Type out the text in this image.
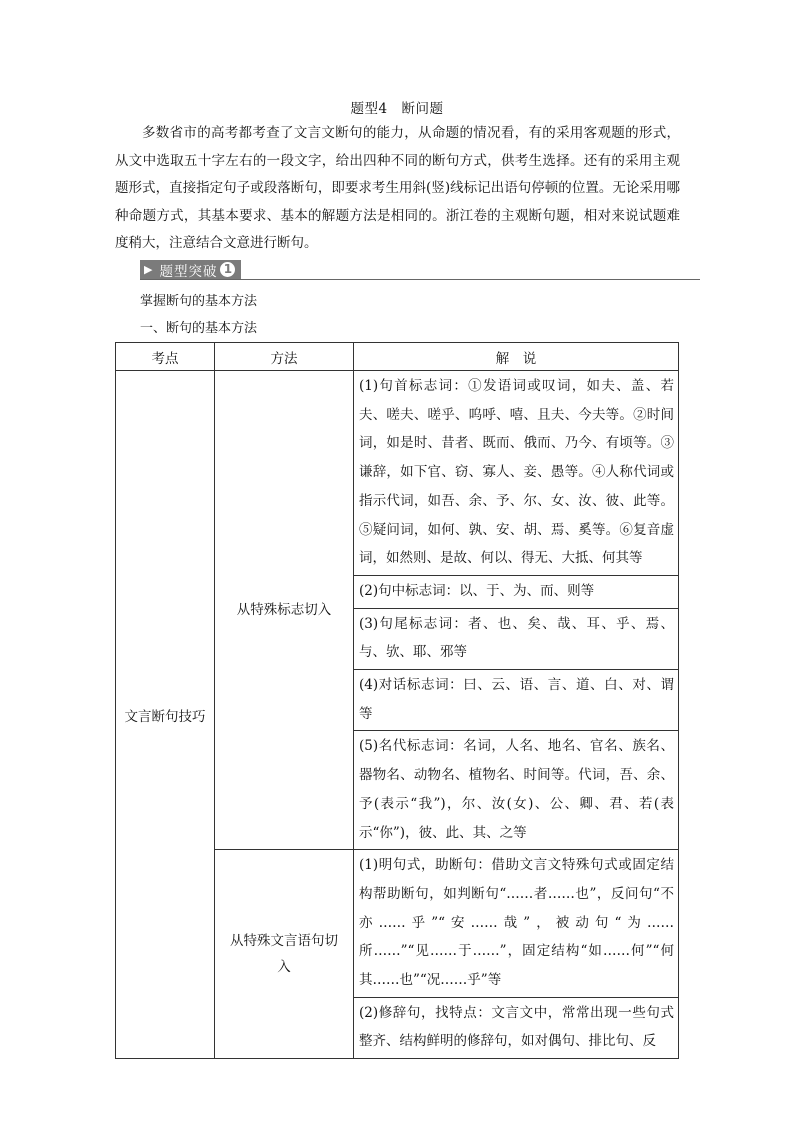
题型4　断问题

多数省市的高考都考查了文言文断句的能力，从命题的情况看，有的采用客观题的形式，从文中选取五十字左右的一段文字，给出四种不同的断句方式，供考生选择。还有的采用主观题形式，直接指定句子或段落断句，即要求考生用斜(竖)线标记出语句停顿的位置。无论采用哪种命题方式，其基本要求、基本的解题方法是相同的。浙江卷的主观断句题，相对来说试题难度稍大，注意结合文意进行断句。

▶ 题型突破 1
掌握断句的基本方法
一、断句的基本方法
考点	方法	解　说
文言断句技巧	从特殊标志切入	(1)句首标志词：①发语词或叹词，如夫、盖、若夫、嗟夫、嗟乎、呜呼、嘻、且夫、今夫等。②时间词，如是时、昔者、既而、俄而、乃今、有顷等。③谦辞，如下官、窃、寡人、妾、愚等。④人称代词或指示代词，如吾、余、予、尔、女、汝、彼、此等。⑤疑问词，如何、孰、安、胡、焉、奚等。⑥复音虚词，如然则、是故、何以、得无、大抵、何其等
		(2)句中标志词：以、于、为、而、则等
		(3)句尾标志词：者、也、矣、哉、耳、乎、焉、与、欤、耶、邪等
		(4)对话标志词：曰、云、语、言、道、白、对、谓等
		(5)名代标志词：名词，人名、地名、官名、族名、器物名、动物名、植物名、时间等。代词，吾、余、予(表示“我”)，尔、汝(女)、公、卿、君、若(表示“你”)，彼、此、其、之等
	从特殊文言语句切入	(1)明句式，助断句：借助文言文特殊句式或固定结构帮助断句，如判断句“……者……也”，反问句“不亦……乎”“安……哉”，被动句“为……所……”“见……于……”，固定结构“如……何”“何其……也”“况……乎”等
		(2)修辞句，找特点：文言文中，常常出现一些句式整齐、结构鲜明的修辞句，如对偶句、排比句、反
